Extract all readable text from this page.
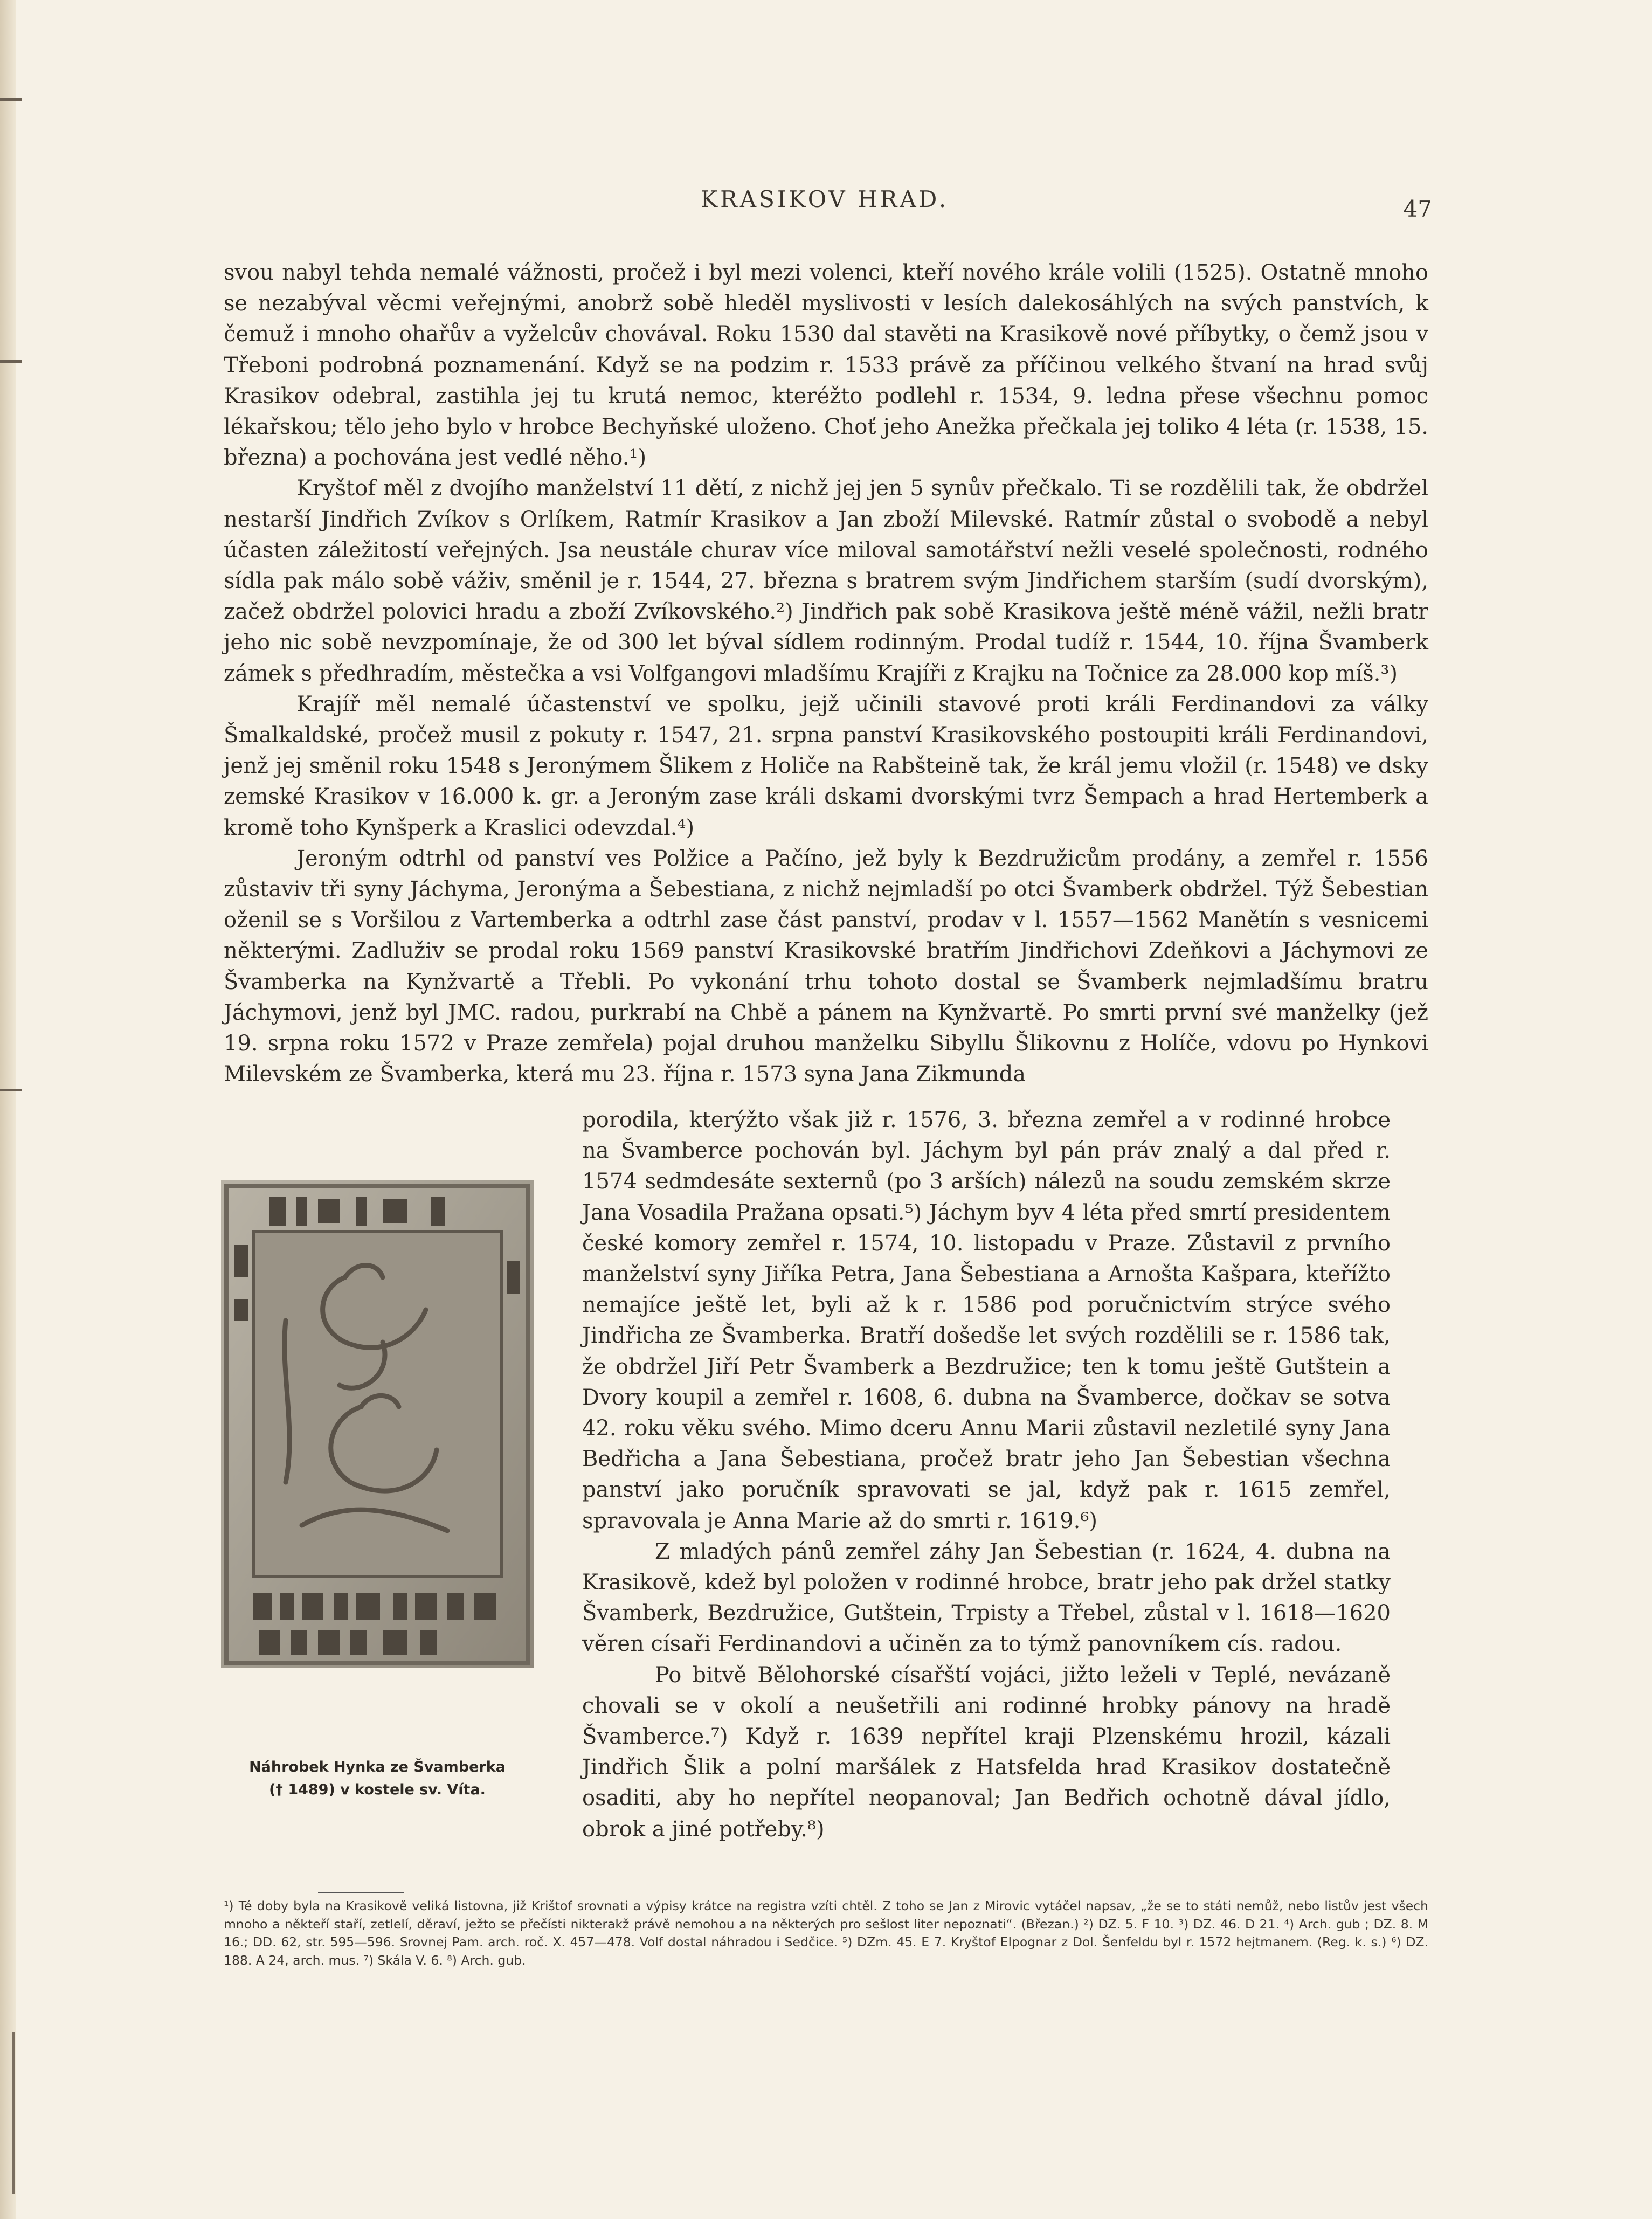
KRASIKOV HRAD.	47

svou nabyl tehda nemalé vážnosti, pročež i byl mezi volenci, kteří nového krále volili (1525). Ostatně mnoho se nezabýval věcmi veřejnými, anobrž sobě hleděl myslivosti v lesích dalekosáhlých na svých panstvích, k čemuž i mnoho ohařův a vyželcův chovával. Roku 1530 dal stavěti na Krasikově nové příbytky, o čemž jsou v Třeboni podrobná poznamenání. Když se na podzim r. 1533 právě za příčinou velkého štvaní na hrad svůj Krasikov odebral, zastihla jej tu krutá nemoc, kteréžto podlehl r. 1534, 9. ledna přese všechnu pomoc lékařskou; tělo jeho bylo v hrobce Bechyňské uloženo. Choť jeho Anežka přečkala jej toliko 4 léta (r. 1538, 15. března) a pochována jest vedlé něho.¹)

Kryštof měl z dvojího manželství 11 dětí, z nichž jej jen 5 synův přečkalo. Ti se rozdělili tak, že obdržel nestarší Jindřich Zvíkov s Orlíkem, Ratmír Krasikov a Jan zboží Milevské. Ratmír zůstal o svobodě a nebyl účasten záležitostí veřejných. Jsa neustále churav více miloval samotářství nežli veselé společnosti, rodného sídla pak málo sobě váživ, směnil je r. 1544, 27. března s bratrem svým Jindřichem starším (sudí dvorským), začež obdržel polovici hradu a zboží Zvíkovského.²) Jindřich pak sobě Krasikova ještě méně vážil, nežli bratr jeho nic sobě nevzpomínaje, že od 300 let býval sídlem rodinným. Prodal tudíž r. 1544, 10. října Švamberk zámek s předhradím, městečka a vsi Volfgangovi mladšímu Krajíři z Krajku na Točnice za 28.000 kop míš.³)

Krajíř měl nemalé účastenství ve spolku, jejž učinili stavové proti králi Ferdinandovi za války Šmalkaldské, pročež musil z pokuty r. 1547, 21. srpna panství Krasikovského postoupiti králi Ferdinandovi, jenž jej směnil roku 1548 s Jeronýmem Šlikem z Holiče na Rabšteině tak, že král jemu vložil (r. 1548) ve dsky zemské Krasikov v 16.000 k. gr. a Jeroným zase králi dskami dvorskými tvrz Šempach a hrad Hertemberk a kromě toho Kynšperk a Kraslici odevzdal.⁴)

Jeroným odtrhl od panství ves Polžice a Pačíno, jež byly k Bezdružicům prodány, a zemřel r. 1556 zůstaviv tři syny Jáchyma, Jeronýma a Šebestiana, z nichž nejmladší po otci Švamberk obdržel. Týž Šebestian oženil se s Voršilou z Vartemberka a odtrhl zase část panství, prodav v l. 1557—1562 Manětín s vesnicemi některými. Zadluživ se prodal roku 1569 panství Krasikovské bratřím Jindřichovi Zdeňkovi a Jáchymovi ze Švamberka na Kynžvartě a Třebli. Po vykonání trhu tohoto dostal se Švamberk nejmladšímu bratru Jáchymovi, jenž byl JMC. radou, purkrabí na Chbě a pánem na Kynžvartě. Po smrti první své manželky (jež 19. srpna roku 1572 v Praze zemřela) pojal druhou manželku Sibyllu Šlikovnu z Holíče, vdovu po Hynkovi Milevském ze Švamberka, která mu 23. října r. 1573 syna Jana Zikmunda

porodila, kterýžto však již r. 1576, 3. března zemřel a v rodinné hrobce na Švamberce pochován byl. Jáchym byl pán práv znalý a dal před r. 1574 sedmdesáte sexternů (po 3 arších) nálezů na soudu zemském skrze Jana Vosadila Pražana opsati.⁵) Jáchym byv 4 léta před smrtí presidentem české komory zemřel r. 1574, 10. listopadu v Praze. Zůstavil z prvního manželství syny Jiříka Petra, Jana Šebestiana a Arnošta Kašpara, kteřížto nemajíce ještě let, byli až k r. 1586 pod poručnictvím strýce svého Jindřicha ze Švamberka. Bratří došedše let svých rozdělili se r. 1586 tak, že obdržel Jiří Petr Švamberk a Bezdružice; ten k tomu ještě Gutštein a Dvory koupil a zemřel r. 1608, 6. dubna na Švamberce, dočkav se sotva 42. roku věku svého. Mimo dceru Annu Marii zůstavil nezletilé syny Jana Bedřicha a Jana Šebestiana, pročež bratr jeho Jan Šebestian všechna panství jako poručník spravovati se jal, když pak r. 1615 zemřel, spravovala je Anna Marie až do smrti r. 1619.⁶)

Z mladých pánů zemřel záhy Jan Šebestian (r. 1624, 4. dubna na Krasikově, kdež byl položen v rodinné hrobce, bratr jeho pak držel statky Švamberk, Bezdružice, Gutštein, Trpisty a Třebel, zůstal v l. 1618—1620 věren císaři Ferdinandovi a učiněn za to týmž panovníkem cís. radou.

Po bitvě Bělohorské císařští vojáci, jižto leželi v Teplé, nevázaně chovali se v okolí a neušetřili ani rodinné hrobky pánovy na hradě Švamberce.⁷) Když r. 1639 nepřítel kraji Plzenskému hrozil, kázali Jindřich Šlik a polní maršálek z Hatsfelda hrad Krasikov dostatečně osaditi, aby ho nepřítel neopanoval; Jan Bedřich ochotně dával jídlo, obrok a jiné potřeby.⁸)

Náhrobek Hynka ze Švamberka
(† 1489) v kostele sv. Víta.
¹) Té doby byla na Krasikově veliká listovna, již Krištof srovnati a výpisy krátce na registra vzíti chtěl. Z toho se Jan z Mirovic vytáčel napsav, „že se to státi nemůž, nebo listův jest všech mnoho a někteří staří, zetlelí, děraví, ježto se přečísti nikterakž právě nemohou a na některých pro sešlost liter nepoznati“. (Březan.) ²) DZ. 5. F 10. ³) DZ. 46. D 21. ⁴) Arch. gub ; DZ. 8. M 16.; DD. 62, str. 595—596. Srovnej Pam. arch. roč. X. 457—478. Volf dostal náhradou i Sedčice. ⁵) DZm. 45. E 7. Kryštof Elpognar z Dol. Šenfeldu byl r. 1572 hejtmanem. (Reg. k. s.) ⁶) DZ. 188. A 24, arch. mus. ⁷) Skála V. 6. ⁸) Arch. gub.
